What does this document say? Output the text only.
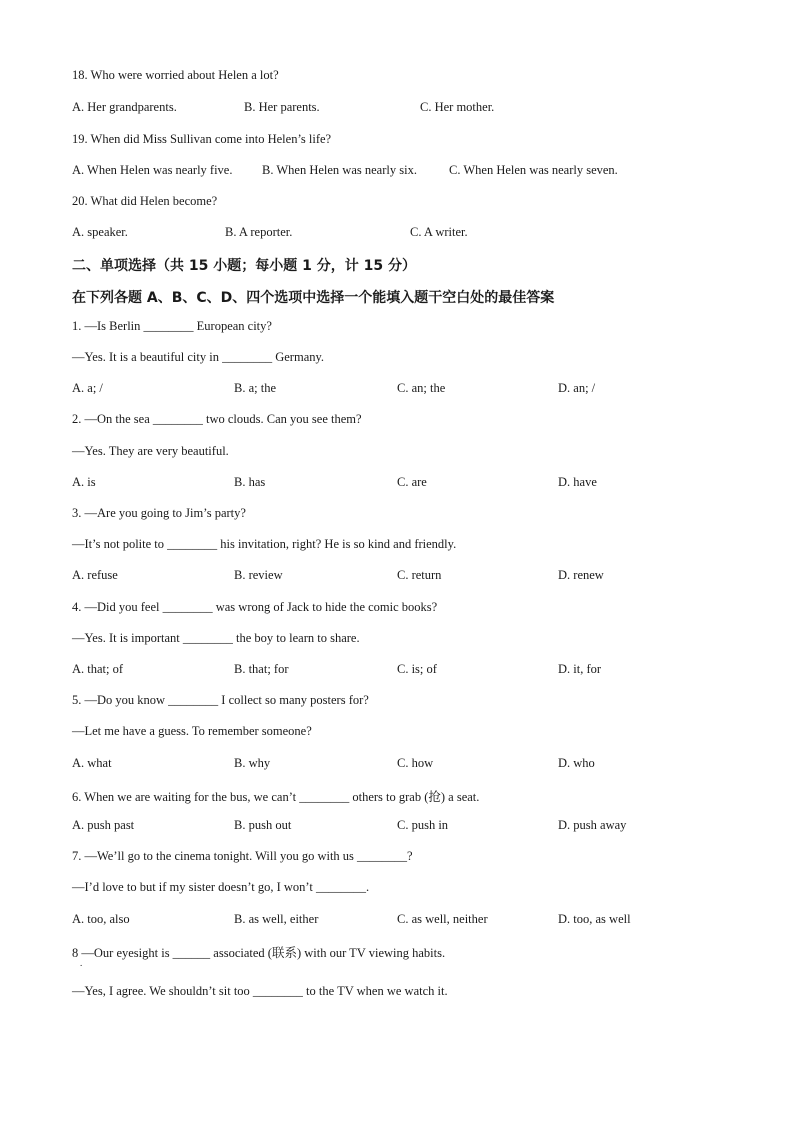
18. Who were worried about Helen a lot?
A. Her grandparents.	B. Her parents.	C. Her mother.
19. When did Miss Sullivan come into Helen’s life?
A. When Helen was nearly five. B. When Helen was nearly six.	C. When Helen was nearly seven.
20. What did Helen become?
A. speaker.	B. A reporter.	C. A writer.
二、单项选择（共 15 小题；每小题 1 分，计 15 分）
在下列各题 A、B、C、D、四个选项中选择一个能填入题干空白处的最佳答案
1. —Is Berlin ________ European city?
—Yes. It is a beautiful city in ________ Germany.
A. a; /	B. a; the	C. an; the	D. an; /
2. —On the sea ________ two clouds. Can you see them?
—Yes. They are very beautiful.
A. is	B. has	C. are	D. have
3. —Are you going to Jim’s party?
—It’s not polite to ________ his invitation, right? He is so kind and friendly.
A. refuse	B. review	C. return	D. renew
4. —Did you feel ________ was wrong of Jack to hide the comic books?
—Yes. It is important ________ the boy to learn to share.
A. that; of	B. that; for	C. is; of	D. it, for
5. —Do you know ________ I collect so many posters for?
—Let me have a guess. To remember someone?
A. what	B. why	C. how	D. who
6. When we are waiting for the bus, we can’t ________ others to grab (抢) a seat.
A. push past	B. push out	C. push in	D. push away
7. —We’ll go to the cinema tonight. Will you go with us ________?
—I’d love to but if my sister doesn’t go, I won’t ________.
A. too, also	B. as well, either	C. as well, neither	D. too, as well
8 —Our eyesight is ______ associated (联系) with our TV viewing habits.
.
—Yes, I agree. We shouldn’t sit too ________ to the TV when we watch it.
